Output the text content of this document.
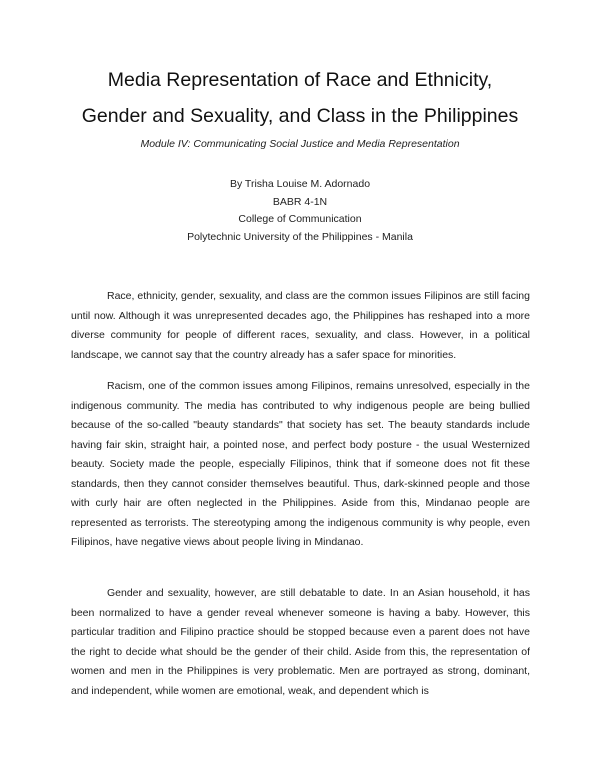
Media Representation of Race and Ethnicity,
Gender and Sexuality, and Class in the Philippines
Module IV: Communicating Social Justice and Media Representation
By Trisha Louise M. Adornado
BABR 4-1N
College of Communication
Polytechnic University of the Philippines - Manila

Race, ethnicity, gender, sexuality, and class are the common issues Filipinos are still facing until now. Although it was unrepresented decades ago, the Philippines has reshaped into a more diverse community for people of different races, sexuality, and class. However, in a political landscape, we cannot say that the country already has a safer space for minorities.

Racism, one of the common issues among Filipinos, remains unresolved, especially in the indigenous community. The media has contributed to why indigenous people are being bullied because of the so-called "beauty standards" that society has set. The beauty standards include having fair skin, straight hair, a pointed nose, and perfect body posture - the usual Westernized beauty. Society made the people, especially Filipinos, think that if someone does not fit these standards, then they cannot consider themselves beautiful. Thus, dark-skinned people and those with curly hair are often neglected in the Philippines. Aside from this, Mindanao people are represented as terrorists. The stereotyping among the indigenous community is why people, even Filipinos, have negative views about people living in Mindanao.

Gender and sexuality, however, are still debatable to date. In an Asian household, it has been normalized to have a gender reveal whenever someone is having a baby. However, this particular tradition and Filipino practice should be stopped because even a parent does not have the right to decide what should be the gender of their child. Aside from this, the representation of women and men in the Philippines is very problematic. Men are portrayed as strong, dominant, and independent, while women are emotional, weak, and dependent which is
